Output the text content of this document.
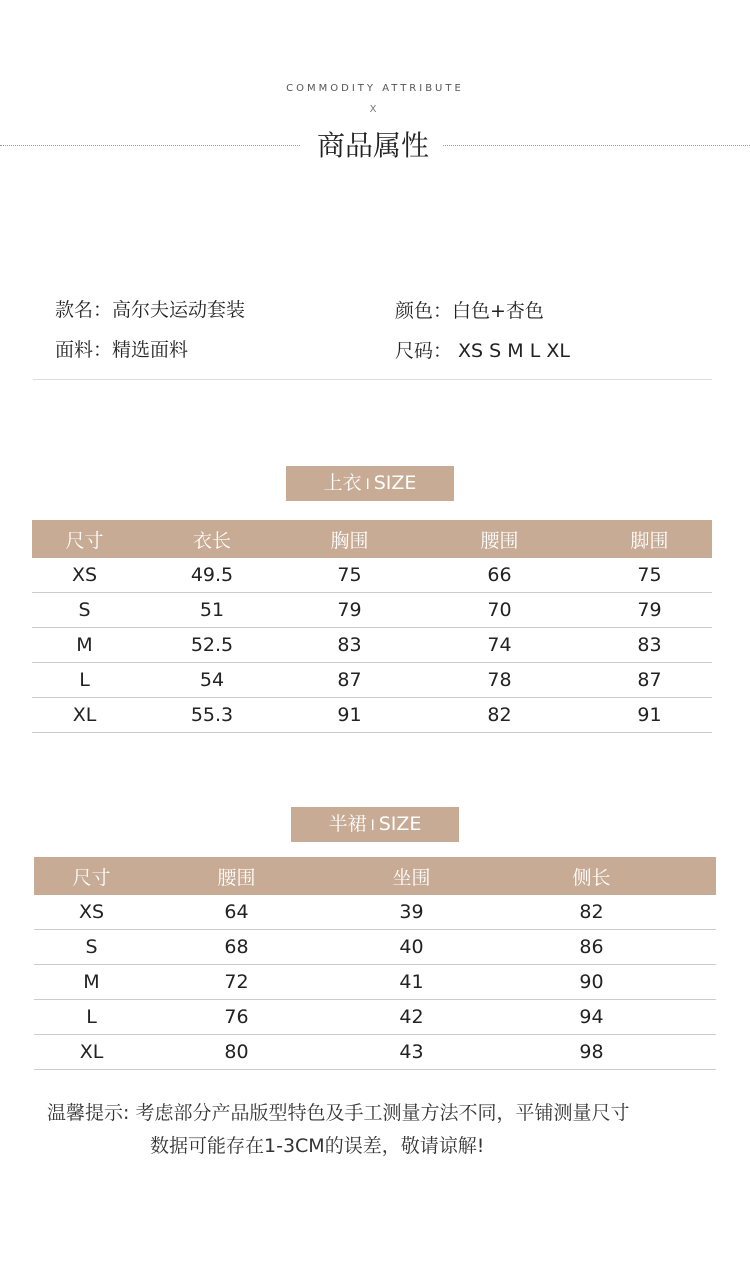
COMMODITY ATTRIBUTE
X
商品属性
款名：高尔夫运动套装	颜色：白色+杏色
面料：精选面料	尺码： XS S M L XL
上衣 I SIZE
尺寸	衣长	胸围	腰围	脚围
XS	49.5	75	66	75
S	51	79	70	79
M	52.5	83	74	83
L	54	87	78	87
XL	55.3	91	82	91
半裙 I SIZE
尺寸	腰围	坐围	侧长	
XS	64	39	82	
S	68	40	86	
M	72	41	90	
L	76	42	94	
XL	80	43	98	
温馨提示: 考虑部分产品版型特色及手工测量方法不同，平铺测量尺寸
数据可能存在1-3CM的误差，敬请谅解!
